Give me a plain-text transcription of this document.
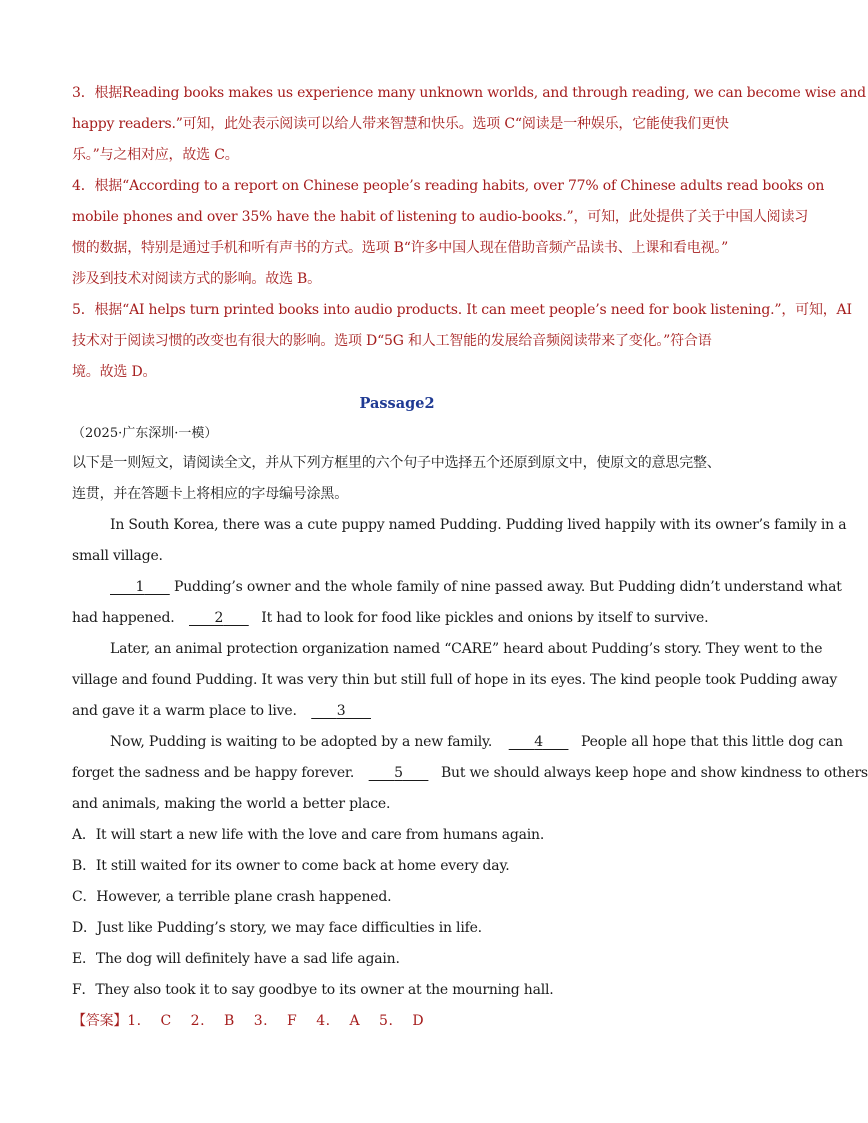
3．根据Reading books makes us experience many unknown worlds, and through reading, we can become wise and
happy readers.”可知，此处表示阅读可以给人带来智慧和快乐。选项 C“阅读是一种娱乐，它能使我们更快
乐。”与之相对应，故选 C。
4．根据“According to a report on Chinese people’s reading habits, over 77% of Chinese adults read books on
mobile phones and over 35% have the habit of listening to audio-books.”，可知，此处提供了关于中国人阅读习
惯的数据，特别是通过手机和听有声书的方式。选项 B“许多中国人现在借助音频产品读书、上课和看电视。”
涉及到技术对阅读方式的影响。故选 B。
5．根据“AI helps turn printed books into audio products. It can meet people’s need for book listening.”，可知，AI
技术对于阅读习惯的改变也有很大的影响。选项 D“5G 和人工智能的发展给音频阅读带来了变化。”符合语
境。故选 D。
Passage2
（2025·广东深圳·一模）
以下是一则短文，请阅读全文，并从下列方框里的六个句子中选择五个还原到原文中，使原文的意思完整、
连贯，并在答题卡上将相应的字母编号涂黑。
In South Korea, there was a cute puppy named Pudding. Pudding lived happily with its owner’s family in a
small village.
1 Pudding’s owner and the whole family of nine passed away. But Pudding didn’t understand what
had happened.	2	It had to look for food like pickles and onions by itself to survive.
Later, an animal protection organization named “CARE” heard about Pudding’s story. They went to the
village and found Pudding. It was very thin but still full of hope in its eyes. The kind people took Pudding away
and gave it a warm place to live.	3
Now, Pudding is waiting to be adopted by a new family.	4	People all hope that this little dog can
forget the sadness and be happy forever.	5	But we should always keep hope and show kindness to others
and animals, making the world a better place.
A．It will start a new life with the love and care from humans again.
B．It still waited for its owner to come back at home every day.
C．However, a terrible plane crash happened.
D．Just like Pudding’s story, we may face difficulties in life.
E．The dog will definitely have a sad life again.
F．They also took it to say goodbye to its owner at the mourning hall.
【答案】1. C 2. B 3. F 4. A 5. D
